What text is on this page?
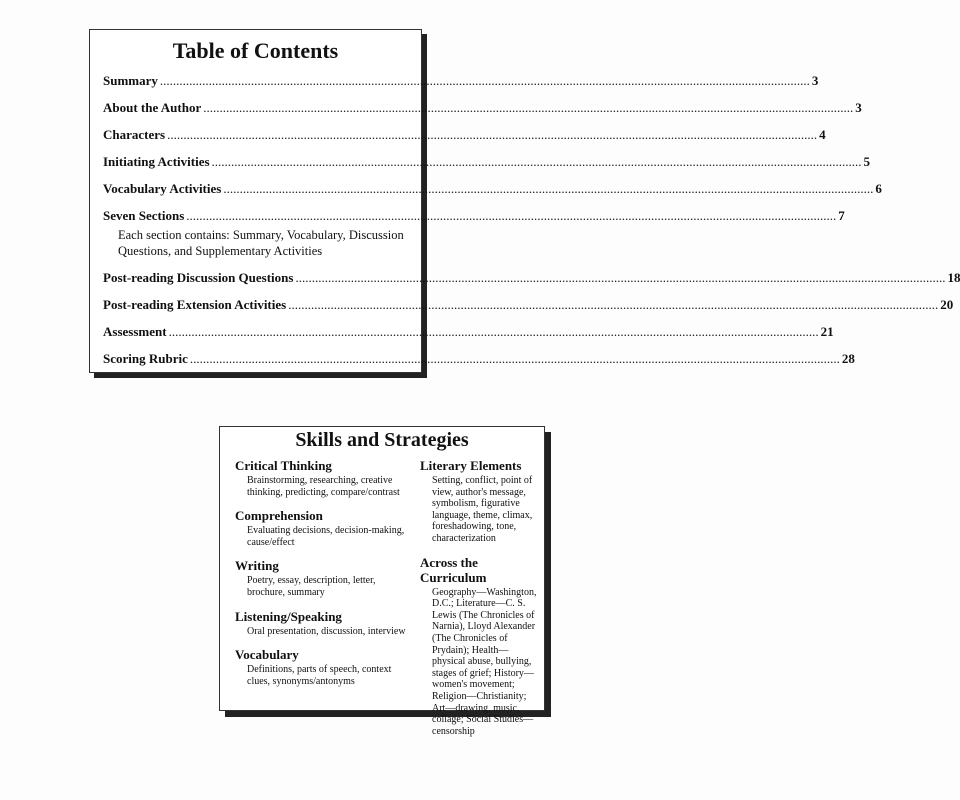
Table of Contents
Summary ........................................................................................................................................................................................................ 3
About the Author ........................................................................................................................................................................................................ 3
Characters ........................................................................................................................................................................................................ 4
Initiating Activities ........................................................................................................................................................................................................ 5
Vocabulary Activities ........................................................................................................................................................................................................ 6
Seven Sections ........................................................................................................................................................................................................ 7
Each section contains: Summary, Vocabulary, Discussion Questions, and Supplementary Activities
Post-reading Discussion Questions ........................................................................................................................................................................................................ 18
Post-reading Extension Activities ........................................................................................................................................................................................................ 20
Assessment ........................................................................................................................................................................................................ 21
Scoring Rubric ........................................................................................................................................................................................................ 28
Skills and Strategies

Critical Thinking

Brainstorming, researching, creative thinking, predicting, compare/contrast

Comprehension

Evaluating decisions, decision-making, cause/effect

Writing

Poetry, essay, description, letter, brochure, summary

Listening/Speaking

Oral presentation, discussion, interview

Vocabulary

Definitions, parts of speech, context clues, synonyms/antonyms

Literary Elements

Setting, conflict, point of view, author's message, symbolism, figurative language, theme, climax, foreshadowing, tone, characterization

Across the Curriculum

Geography—Washington, D.C.; Literature—C. S. Lewis (The Chronicles of Narnia), Lloyd Alexander (The Chronicles of Prydain); Health—physical abuse, bullying, stages of grief; History—women's movement; Religion—Christianity; Art—drawing, music, collage; Social Studies—censorship
